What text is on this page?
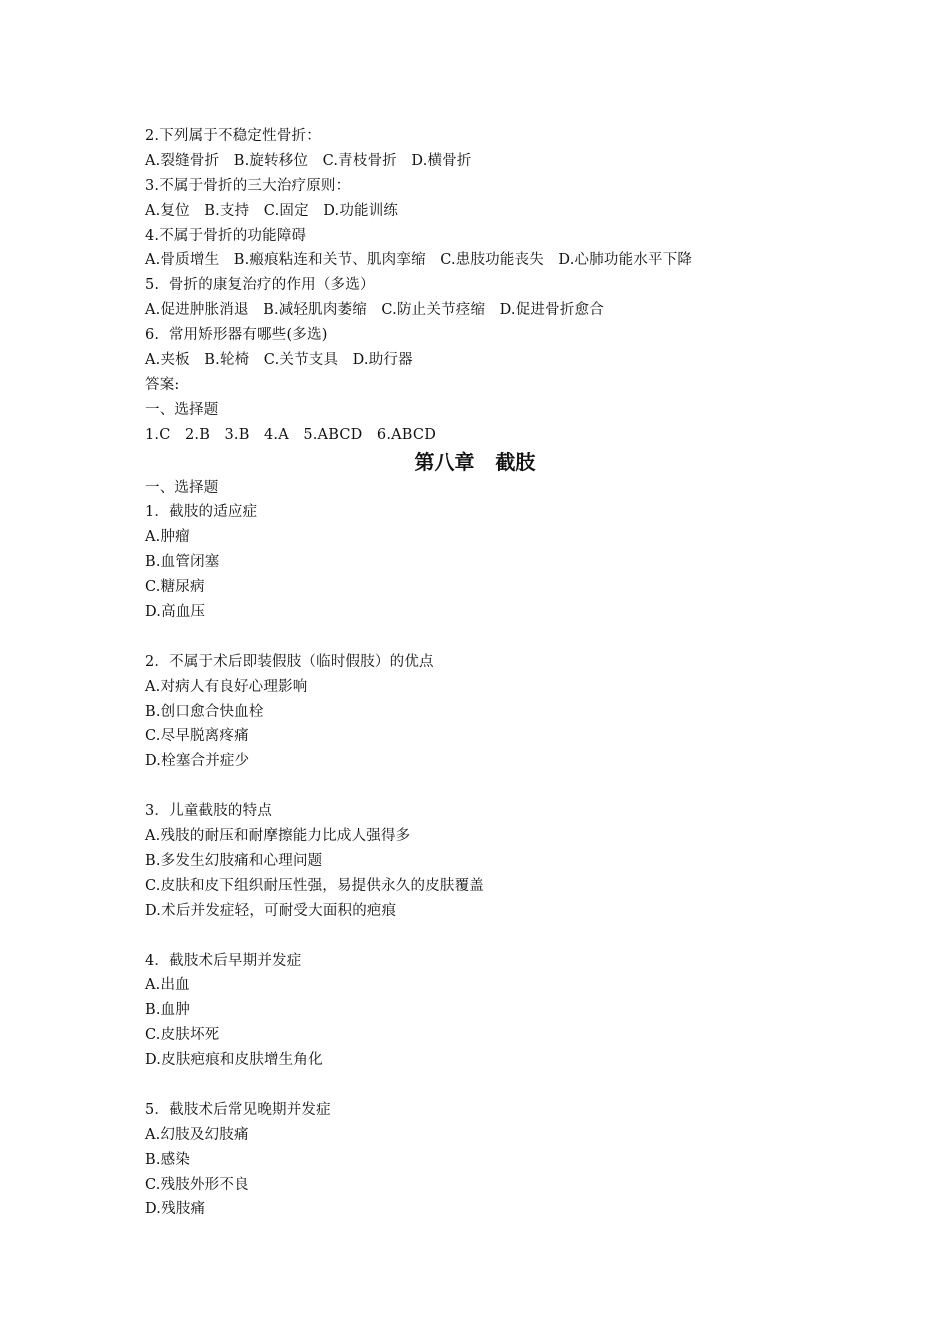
2.下列属于不稳定性骨折：
A.裂缝骨折   B.旋转移位   C.青枝骨折   D.横骨折
3.不属于骨折的三大治疗原则：
A.复位   B.支持   C.固定   D.功能训练
4.不属于骨折的功能障碍
A.骨质增生   B.瘢痕粘连和关节、肌肉挛缩   C.患肢功能丧失   D.心肺功能水平下降
5.  骨折的康复治疗的作用（多选）
A.促进肿胀消退   B.减轻肌肉萎缩   C.防止关节痉缩   D.促进骨折愈合
6.  常用矫形器有哪些(多选)
A.夹板   B.轮椅   C.关节支具   D.助行器
答案:
一、选择题
1.C   2.B   3.B   4.A   5.ABCD   6.ABCD
第八章   截肢
一、选择题
1．截肢的适应症
A.肿瘤
B.血管闭塞
C.糖尿病
D.高血压
2．不属于术后即装假肢（临时假肢）的优点
A.对病人有良好心理影响
B.创口愈合快血栓
C.尽早脱离疼痛
D.栓塞合并症少
3．儿童截肢的特点
A.残肢的耐压和耐摩擦能力比成人强得多
B.多发生幻肢痛和心理问题
C.皮肤和皮下组织耐压性强，易提供永久的皮肤覆盖
D.术后并发症轻，可耐受大面积的疤痕
4．截肢术后早期并发症
A.出血
B.血肿
C.皮肤坏死
D.皮肤疤痕和皮肤增生角化
5．截肢术后常见晚期并发症
A.幻肢及幻肢痛
B.感染
C.残肢外形不良
D.残肢痛
